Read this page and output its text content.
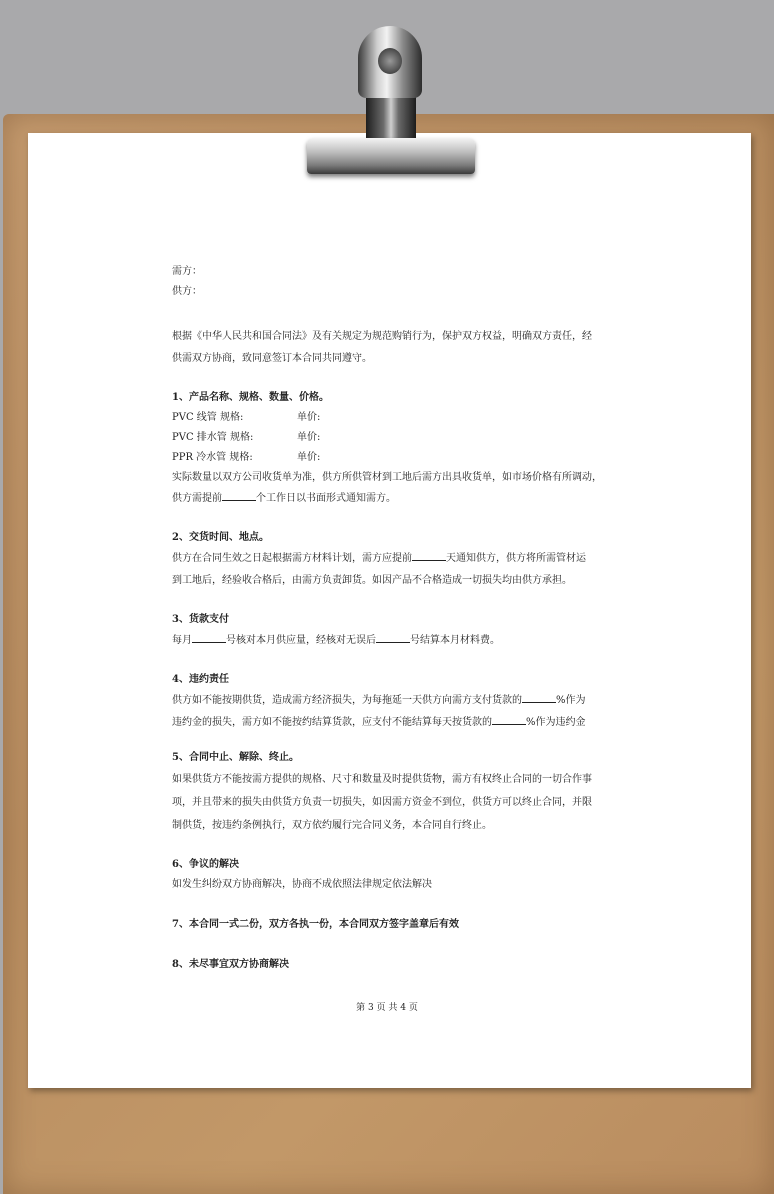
需方：

供方：

根据《中华人民共和国合同法》及有关规定为规范购销行为，保护双方权益，明确双方责任，经

供需双方协商，致同意签订本合同共同遵守。

1、产品名称、规格、数量、价格。

PVC 线管 规格:	单价:

PVC 排水管 规格:	单价:

PPR 冷水管 规格:	单价:

实际数量以双方公司收货单为准，供方所供管材到工地后需方出具收货单，如市场价格有所调动，

供方需提前	个工作日以书面形式通知需方。

2、交货时间、地点。

供方在合同生效之日起根据需方材料计划，需方应提前	天通知供方，供方将所需管材运

到工地后，经验收合格后，由需方负责卸货。如因产品不合格造成一切损失均由供方承担。

3、货款支付

每月	号核对本月供应量，经核对无误后	号结算本月材料费。

4、违约责任

供方如不能按期供货，造成需方经济损失，为每拖延一天供方向需方支付货款的	%作为

违约金的损失，需方如不能按约结算货款，应支付不能结算每天按货款的	%作为违约金

5、合同中止、解除、终止。

如果供货方不能按需方提供的规格、尺寸和数量及时提供货物，需方有权终止合同的一切合作事

项，并且带来的损失由供货方负责一切损失，如因需方资金不到位，供货方可以终止合同，并限

制供货，按违约条例执行，双方依约履行完合同义务，本合同自行终止。

6、争议的解决

如发生纠纷双方协商解决，协商不成依照法律规定依法解决

7、本合同一式二份，双方各执一份，本合同双方签字盖章后有效
8、未尽事宜双方协商解决
第 3 页 共 4 页
